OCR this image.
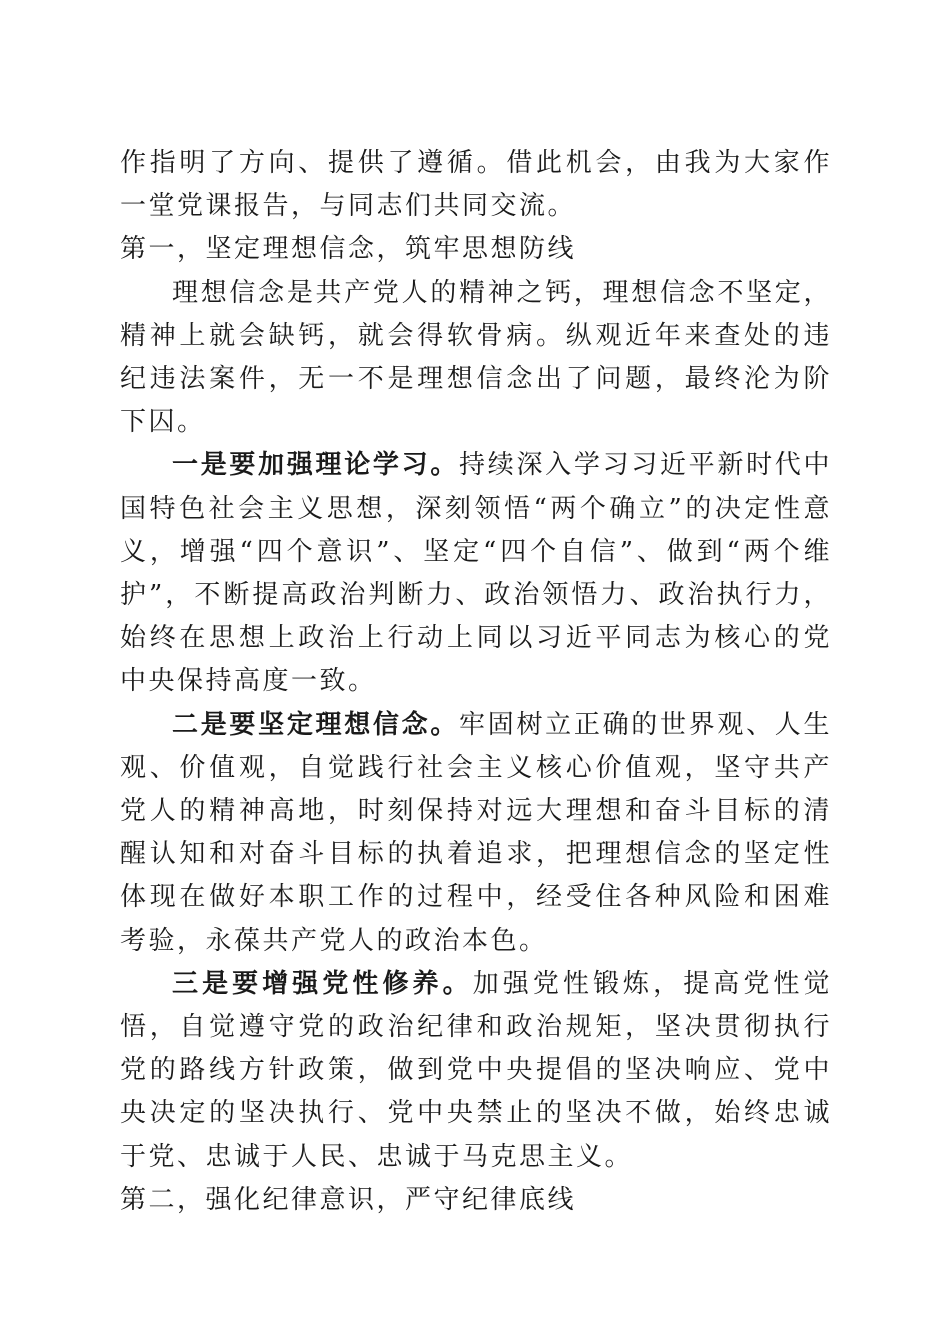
作指明了方向、提供了遵循。借此机会，由我为大家作一堂党课报告，与同志们共同交流。

第一，坚定理想信念，筑牢思想防线

理想信念是共产党人的精神之钙，理想信念不坚定，精神上就会缺钙，就会得软骨病。纵观近年来查处的违纪违法案件，无一不是理想信念出了问题，最终沦为阶下囚。

一是要加强理论学习。持续深入学习习近平新时代中国特色社会主义思想，深刻领悟“两个确立”的决定性意义，增强“四个意识”、坚定“四个自信”、做到“两个维护”，不断提高政治判断力、政治领悟力、政治执行力，始终在思想上政治上行动上同以习近平同志为核心的党中央保持高度一致。

二是要坚定理想信念。牢固树立正确的世界观、人生观、价值观，自觉践行社会主义核心价值观，坚守共产党人的精神高地，时刻保持对远大理想和奋斗目标的清醒认知和对奋斗目标的执着追求，把理想信念的坚定性体现在做好本职工作的过程中，经受住各种风险和困难考验，永葆共产党人的政治本色。

三是要增强党性修养。加强党性锻炼，提高党性觉悟，自觉遵守党的政治纪律和政治规矩，坚决贯彻执行党的路线方针政策，做到党中央提倡的坚决响应、党中央决定的坚决执行、党中央禁止的坚决不做，始终忠诚于党、忠诚于人民、忠诚于马克思主义。

第二，强化纪律意识，严守纪律底线
